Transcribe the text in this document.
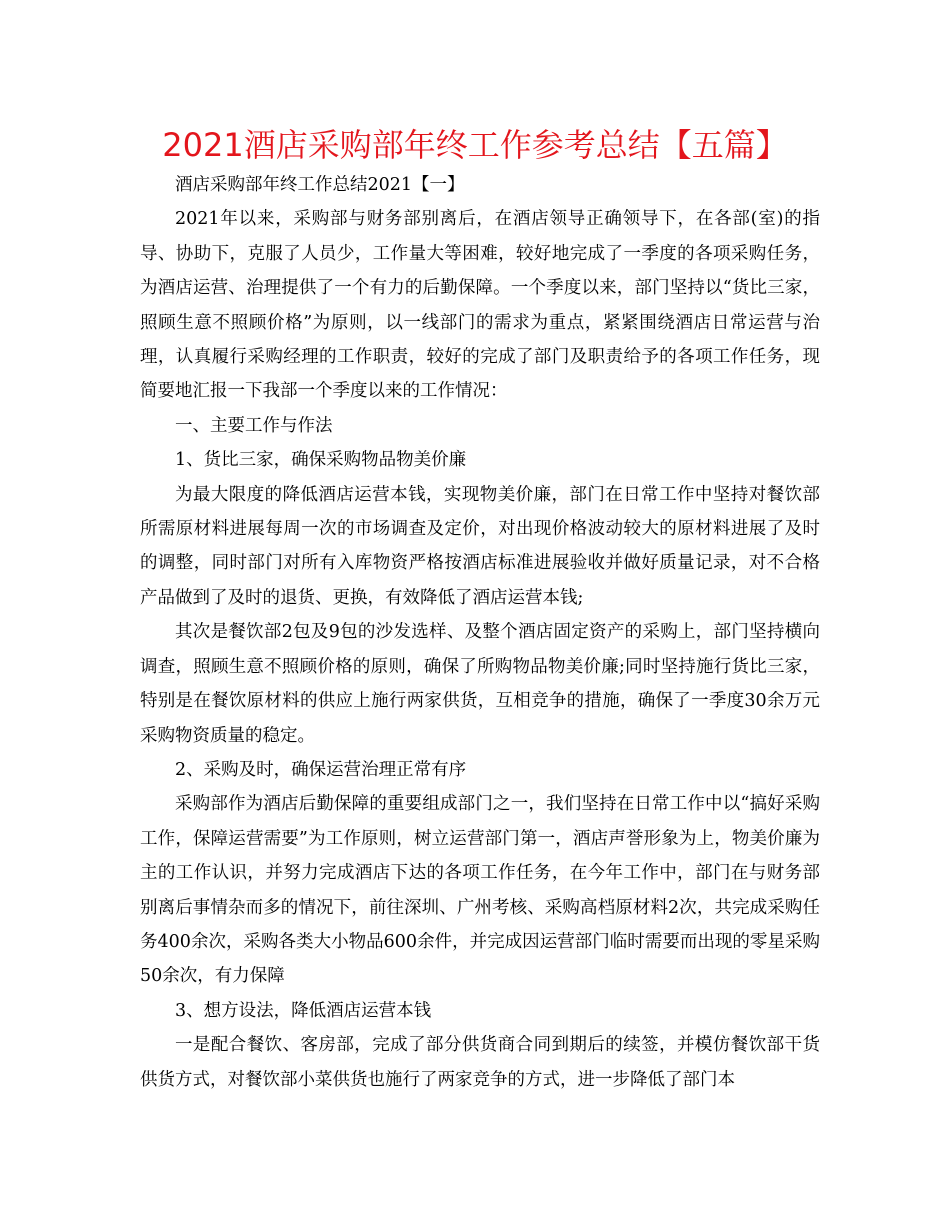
2021酒店采购部年终工作参考总结【五篇】

酒店采购部年终工作总结2021【一】

2021年以来，采购部与财务部别离后，在酒店领导正确领导下，在各部(室)的指导、协助下，克服了人员少，工作量大等困难，较好地完成了一季度的各项采购任务，为酒店运营、治理提供了一个有力的后勤保障。一个季度以来，部门坚持以“货比三家，照顾生意不照顾价格”为原则，以一线部门的需求为重点，紧紧围绕酒店日常运营与治理，认真履行采购经理的工作职责，较好的完成了部门及职责给予的各项工作任务，现简要地汇报一下我部一个季度以来的工作情况：

一、主要工作与作法

1、货比三家，确保采购物品物美价廉

为最大限度的降低酒店运营本钱，实现物美价廉，部门在日常工作中坚持对餐饮部所需原材料进展每周一次的市场调查及定价，对出现价格波动较大的原材料进展了及时的调整，同时部门对所有入库物资严格按酒店标准进展验收并做好质量记录，对不合格产品做到了及时的退货、更换，有效降低了酒店运营本钱;

其次是餐饮部2包及9包的沙发选样、及整个酒店固定资产的采购上，部门坚持横向调查，照顾生意不照顾价格的原则，确保了所购物品物美价廉;同时坚持施行货比三家，特别是在餐饮原材料的供应上施行两家供货，互相竞争的措施，确保了一季度30余万元采购物资质量的稳定。

2、采购及时，确保运营治理正常有序

采购部作为酒店后勤保障的重要组成部门之一，我们坚持在日常工作中以“搞好采购工作，保障运营需要”为工作原则，树立运营部门第一，酒店声誉形象为上，物美价廉为主的工作认识，并努力完成酒店下达的各项工作任务，在今年工作中，部门在与财务部别离后事情杂而多的情况下，前往深圳、广州考核、采购高档原材料2次，共完成采购任务400余次，采购各类大小物品600余件，并完成因运营部门临时需要而出现的零星采购50余次，有力保障

3、想方设法，降低酒店运营本钱

一是配合餐饮、客房部，完成了部分供货商合同到期后的续签，并模仿餐饮部干货供货方式，对餐饮部小菜供货也施行了两家竞争的方式，进一步降低了部门本
